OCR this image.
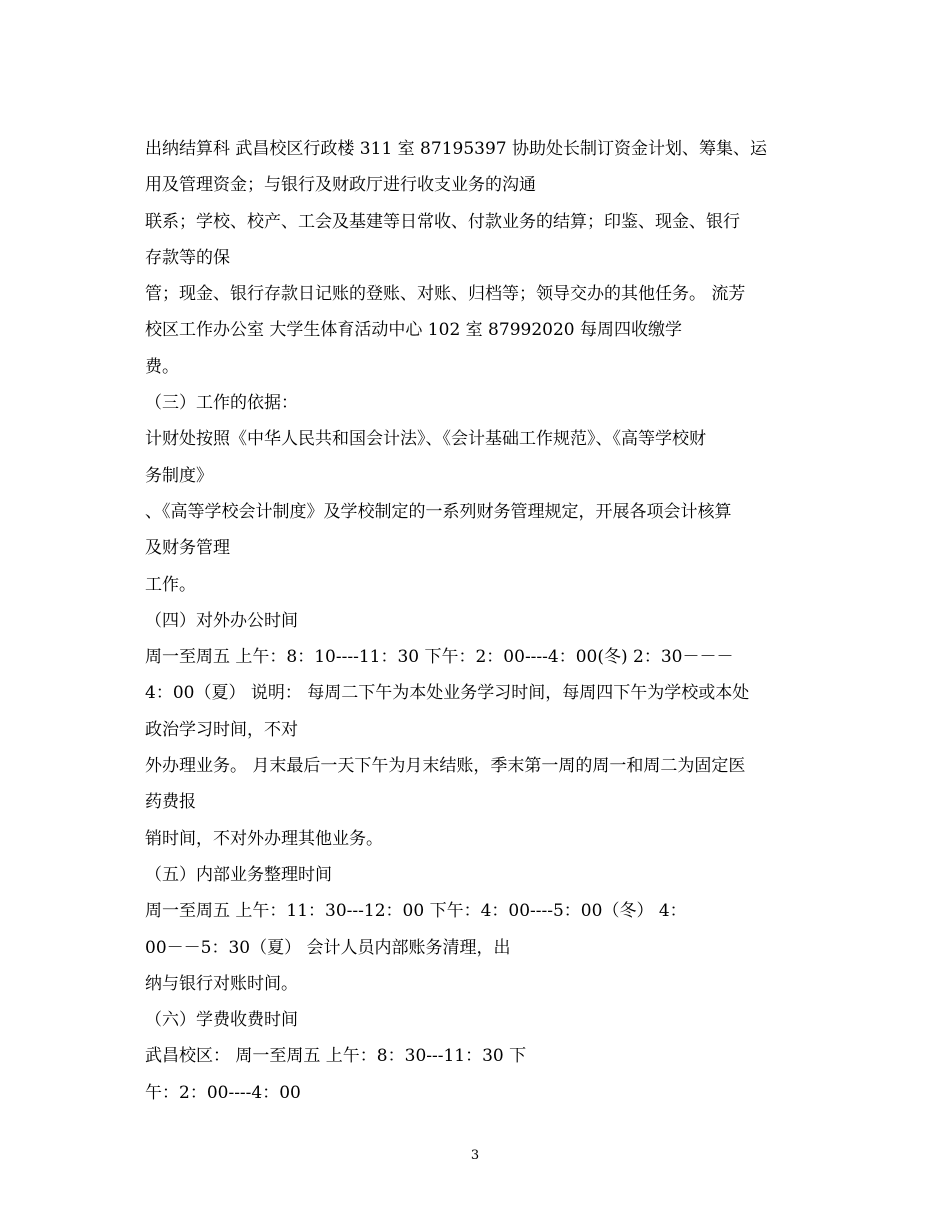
出纳结算科 武昌校区行政楼 311 室 87195397 协助处长制订资金计划、筹集、运
用及管理资金；与银行及财政厅进行收支业务的沟通
联系；学校、校产、工会及基建等日常收、付款业务的结算；印鉴、现金、银行
存款等的保
管；现金、银行存款日记账的登账、对账、归档等；领导交办的其他任务。 流芳
校区工作办公室 大学生体育活动中心 102 室 87992020 每周四收缴学
费。
（三）工作的依据：
计财处按照《中华人民共和国会计法》、《会计基础工作规范》、《高等学校财
务制度》
、《高等学校会计制度》及学校制定的一系列财务管理规定，开展各项会计核算
及财务管理
工作。
（四）对外办公时间
周一至周五 上午：8：10----11：30 下午：2：00----4：00(冬) 2：30－－－
4：00（夏） 说明： 每周二下午为本处业务学习时间，每周四下午为学校或本处
政治学习时间，不对
外办理业务。 月末最后一天下午为月末结账，季末第一周的周一和周二为固定医
药费报
销时间，不对外办理其他业务。
（五）内部业务整理时间
周一至周五 上午：11：30---12：00 下午：4：00----5：00（冬） 4：
00－－5：30（夏） 会计人员内部账务清理，出
纳与银行对账时间。
（六）学费收费时间
武昌校区： 周一至周五 上午：8：30---11：30 下
午：2：00----4：00
3
